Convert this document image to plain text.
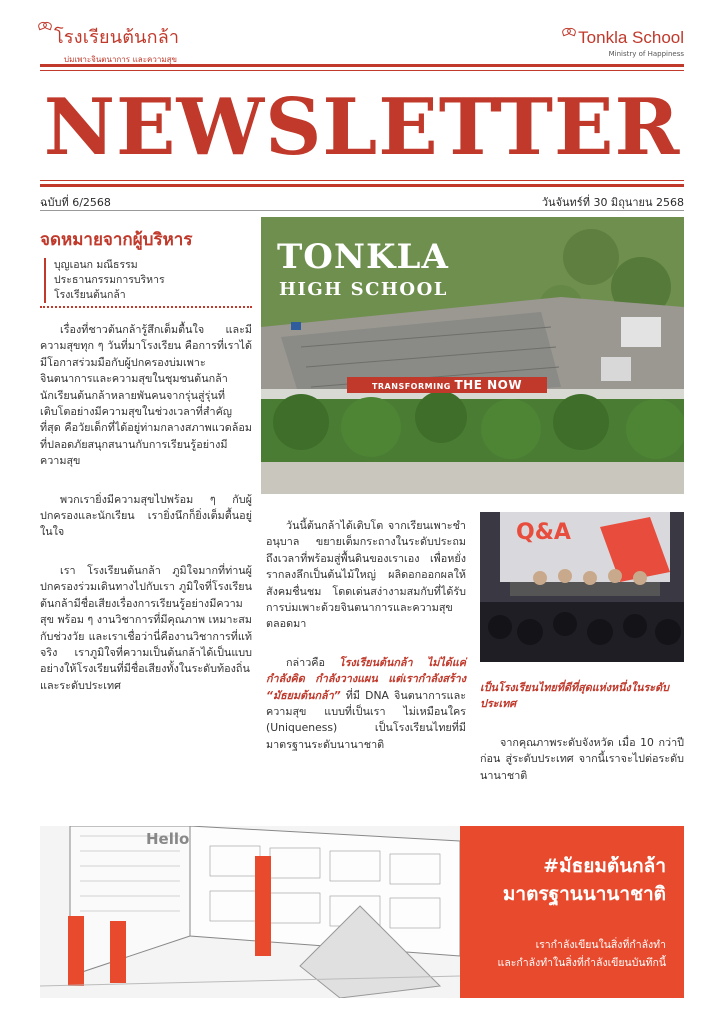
โรงเรียนต้นกล้า
บ่มเพาะจินตนาการ และความสุข
Tonkla School
Ministry of Happiness
NEWSLETTER
ฉบับที่ 6/2568	วันจันทร์ที่ 30 มิถุนายน 2568
จดหมายจากผู้บริหาร
บุญเอนก มณีธรรม
ประธานกรรมการบริหาร
โรงเรียนต้นกล้า

เรื่องที่ชาวต้นกล้ารู้สึกเต็มตื้นใจ และมีความสุขทุก ๆ วันที่มาโรงเรียน คือการที่เราได้มีโอกาสร่วมมือกับผู้ปกครองบ่มเพาะจินตนาการและความสุขในชุมชนต้นกล้า นักเรียนต้นกล้าหลายพันคนจากรุ่นสู่รุ่นที่เติบโตอย่างมีความสุขในช่วงเวลาที่สำคัญที่สุด คือวัยเด็กที่ได้อยู่ท่ามกลางสภาพแวดล้อมที่ปลอดภัยสนุกสนานกับการเรียนรู้อย่างมีความสุข

พวกเรายิ่งมีความสุขไปพร้อม ๆ กับผู้ปกครองและนักเรียน เรายิ่งนึกก็ยิ่งเต็มตื้นอยู่ในใจ

เรา โรงเรียนต้นกล้า ภูมิใจมากที่ท่านผู้ปกครองร่วมเดินทางไปกับเรา ภูมิใจที่โรงเรียนต้นกล้ามีชื่อเสียงเรื่องการเรียนรู้อย่างมีความสุข พร้อม ๆ งานวิชาการที่มีคุณภาพ เหมาะสมกับช่วงวัย และเราเชื่อว่านี่คืองานวิชาการที่แท้จริง เราภูมิใจที่ความเป็นต้นกล้าได้เป็นแบบอย่างให้โรงเรียนที่มีชื่อเสียงทั้งในระดับท้องถิ่นและระดับประเทศ

TONKLA
HIGH SCHOOL
TRANSFORMING THE NOW

วันนี้ต้นกล้าได้เติบโต จากเรียนเพาะชำอนุบาล ขยายเต็มกระถางในระดับประถม ถึงเวลาที่พร้อมสู่พื้นดินของเราเอง เพื่อหยั่งรากลงลึกเป็นต้นไม้ใหญ่ ผลิดอกออกผลให้สังคมชื่นชม โดดเด่นสง่างามสมกับที่ได้รับการบ่มเพาะด้วยจินตนาการและความสุขตลอดมา

กล่าวคือ โรงเรียนต้นกล้า ไม่ได้แค่กำลังคิด กำลังวางแผน แต่เรากำลังสร้าง “มัธยมต้นกล้า” ที่มี DNA จินตนาการและความสุข แบบที่เป็นเรา ไม่เหมือนใคร (Uniqueness) เป็นโรงเรียนไทยที่มีมาตรฐานระดับนานาชาติ

Q&A

เป็นโรงเรียนไทยที่ดีที่สุดแห่งหนึ่งในระดับประเทศ

จากคุณภาพระดับจังหวัด เมื่อ 10 กว่าปีก่อน สู่ระดับประเทศ จากนี้เราจะไปต่อระดับนานาชาติ

Hello
#มัธยมต้นกล้า
มาตรฐานนานาชาติ
เรากำลังเขียนในสิ่งที่กำลังทำ
และกำลังทำในสิ่งที่กำลังเขียนบันทึกนี้
